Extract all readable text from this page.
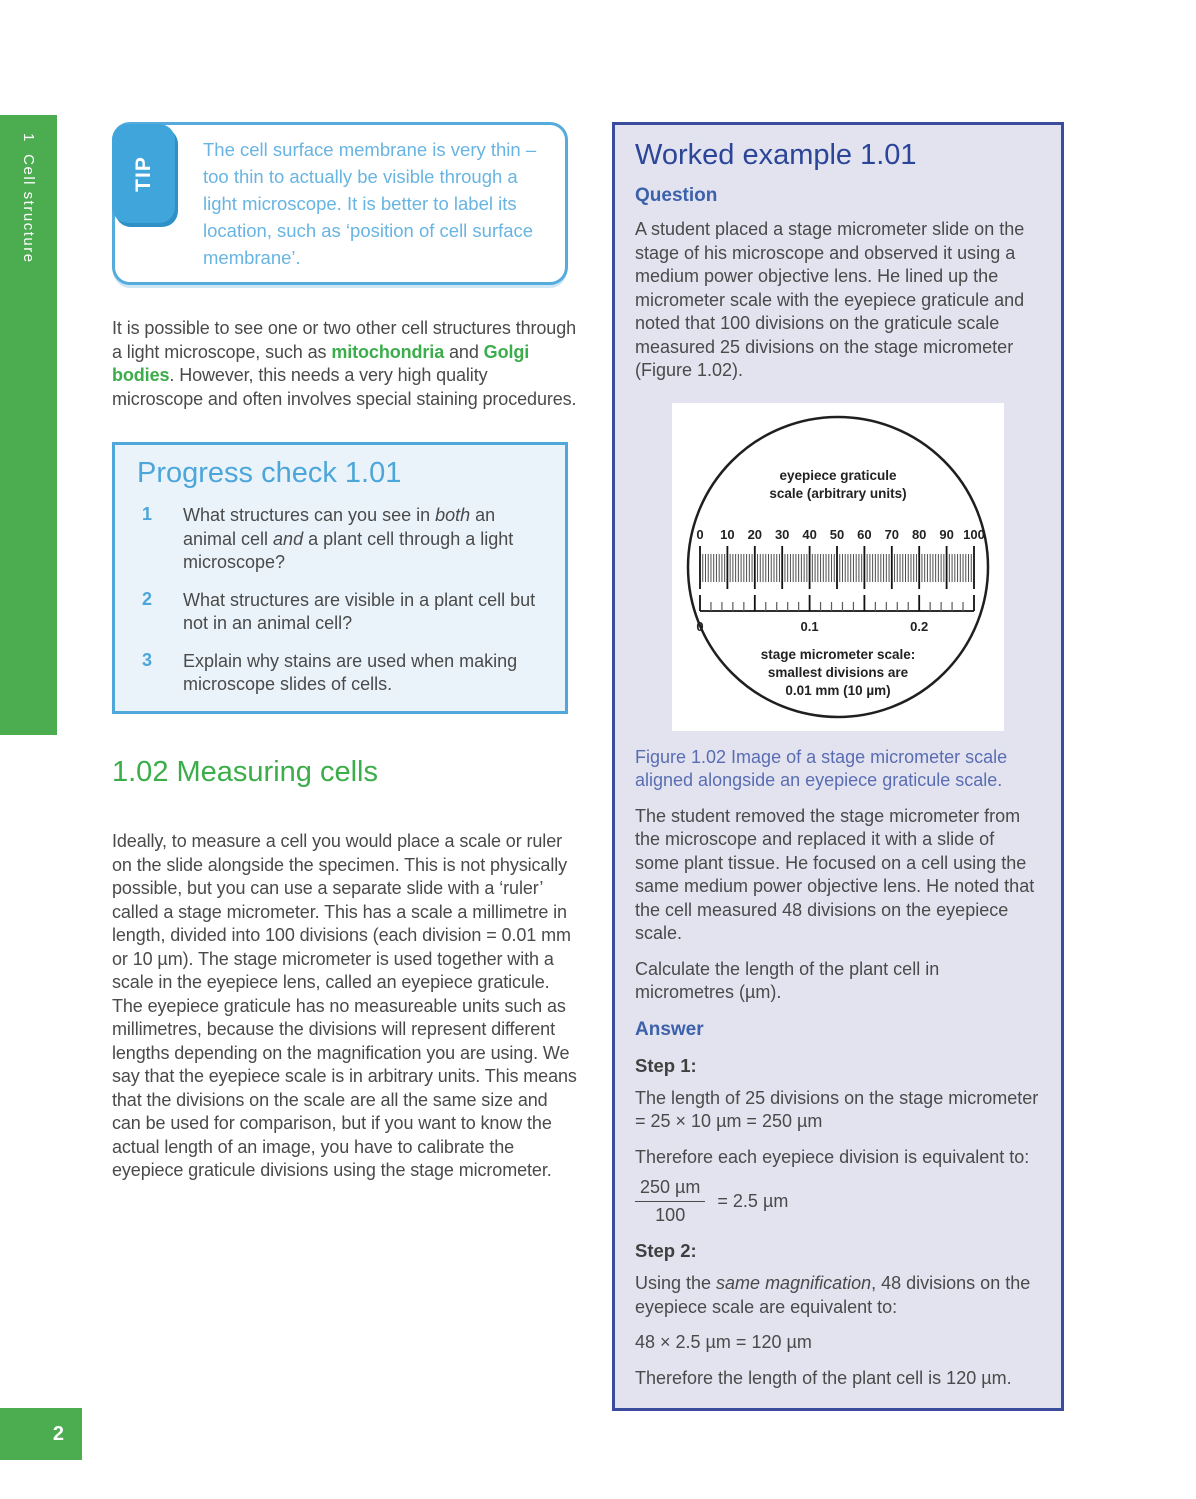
1  Cell structure
2
TIP
The cell surface membrane is very thin – too thin to actually be visible through a light microscope. It is better to label its location, such as ‘position of cell surface membrane’.

It is possible to see one or two other cell structures through a light microscope, such as mitochondria and Golgi bodies. However, this needs a very high quality microscope and often involves special staining procedures.

Progress check 1.01
1	What structures can you see in both an animal cell and a plant cell through a light microscope?
2	What structures are visible in a plant cell but not in an animal cell?
3	Explain why stains are used when making microscope slides of cells.
1.02 Measuring cells

Ideally, to measure a cell you would place a scale or ruler on the slide alongside the specimen. This is not physically possible, but you can use a separate slide with a ‘ruler’ called a stage micrometer. This has a scale a millimetre in length, divided into 100 divisions (each division = 0.01 mm or 10 µm). The stage micrometer is used together with a scale in the eyepiece lens, called an eyepiece graticule. The eyepiece graticule has no measureable units such as millimetres, because the divisions will represent different lengths depending on the magnification you are using. We say that the eyepiece scale is in arbitrary units. This means that the divisions on the scale are all the same size and can be used for comparison, but if you want to know the actual length of an image, you have to calibrate the eyepiece graticule divisions using the stage micrometer.

Worked example 1.01
Question

A student placed a stage micrometer slide on the stage of his microscope and observed it using a medium power objective lens. He lined up the micrometer scale with the eyepiece graticule and noted that 100 divisions on the graticule scale measured 25 divisions on the stage micrometer (Figure 1.02).

eyepiece graticule
scale (arbitrary units)
0 10 20 30 40 50 60 70 80 90 100
0	0.1	0.2
stage micrometer scale:
smallest divisions are
0.01 mm (10 µm)

Figure 1.02 Image of a stage micrometer scale aligned alongside an eyepiece graticule scale.

The student removed the stage micrometer from the microscope and replaced it with a slide of some plant tissue. He focused on a cell using the same medium power objective lens. He noted that the cell measured 48 divisions on the eyepiece scale.

Calculate the length of the plant cell in micrometres (µm).

Answer

Step 1:

The length of 25 divisions on the stage micrometer = 25 × 10 µm = 250 µm

Therefore each eyepiece division is equivalent to:

$\frac{\text{250 µm}}{100} = 2.5$ µm

Step 2:

Using the same magnification, 48 divisions on the eyepiece scale are equivalent to:

48 × 2.5 µm = 120 µm

Therefore the length of the plant cell is 120 µm.
